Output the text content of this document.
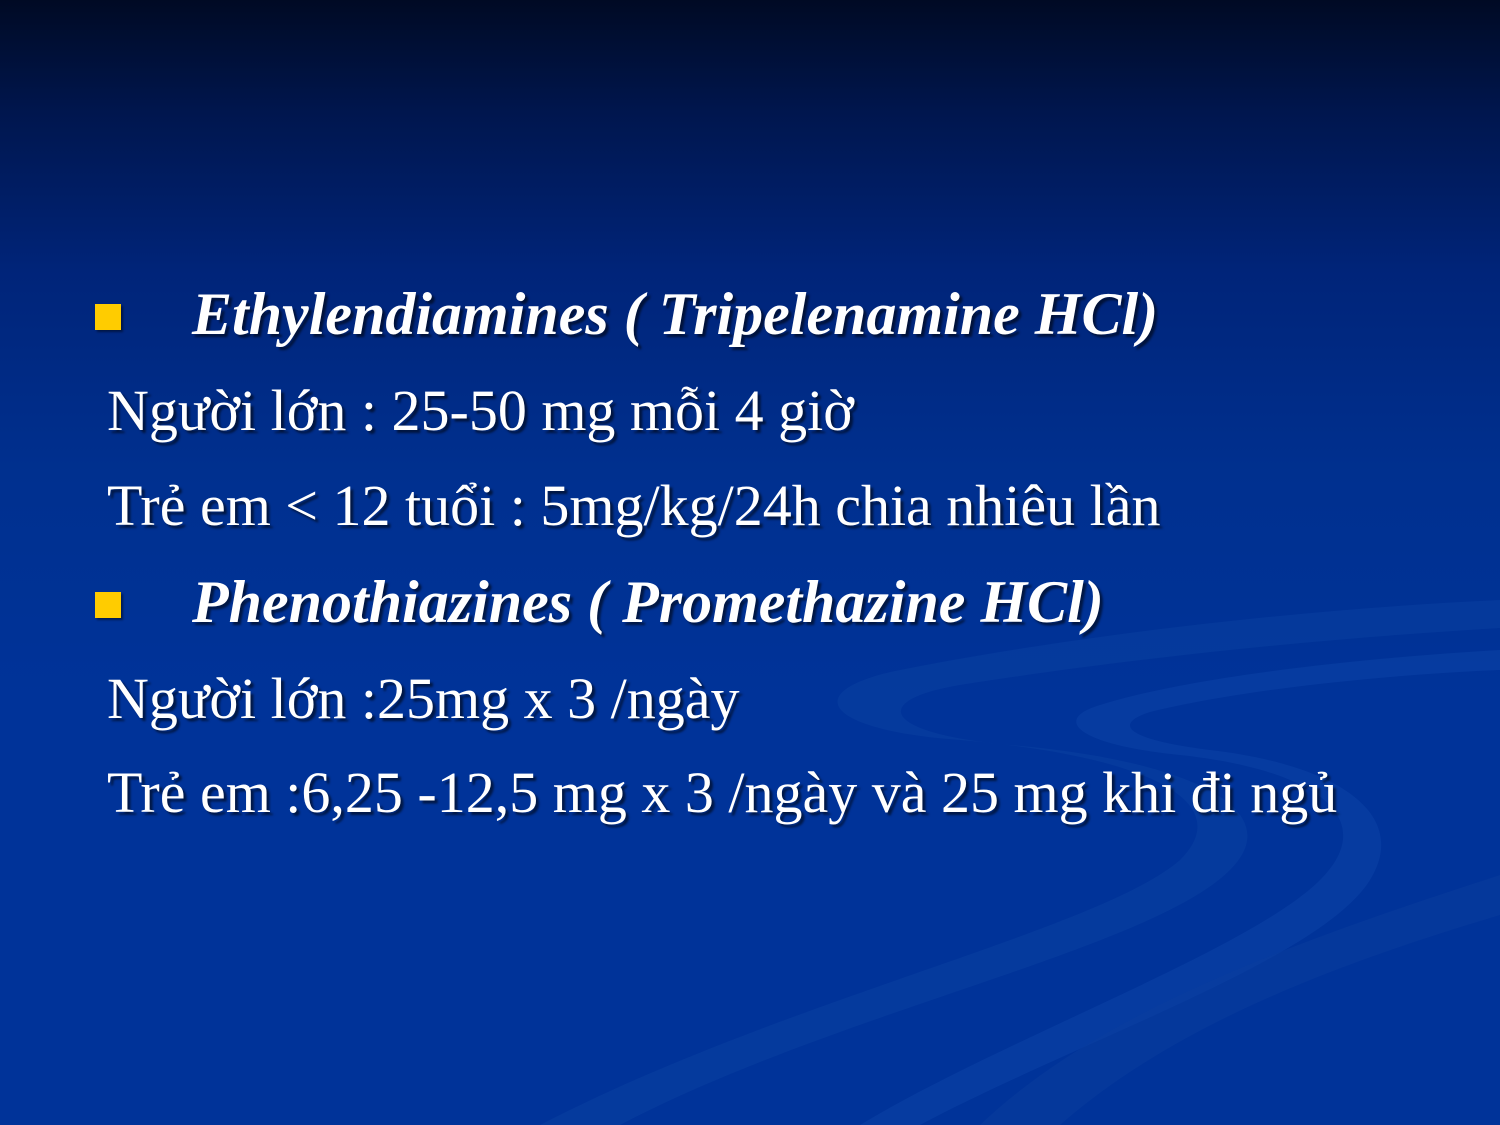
Ethylendiamines ( Tripelenamine HCl)
Người lớn : 25-50 mg mỗi 4 giờ
Trẻ em < 12 tuổi : 5mg/kg/24h chia nhiêu lần
Phenothiazines ( Promethazine HCl)
Người lớn :25mg x 3 /ngày
Trẻ em :6,25 -12,5 mg x 3 /ngày và 25 mg khi đi ngủ
